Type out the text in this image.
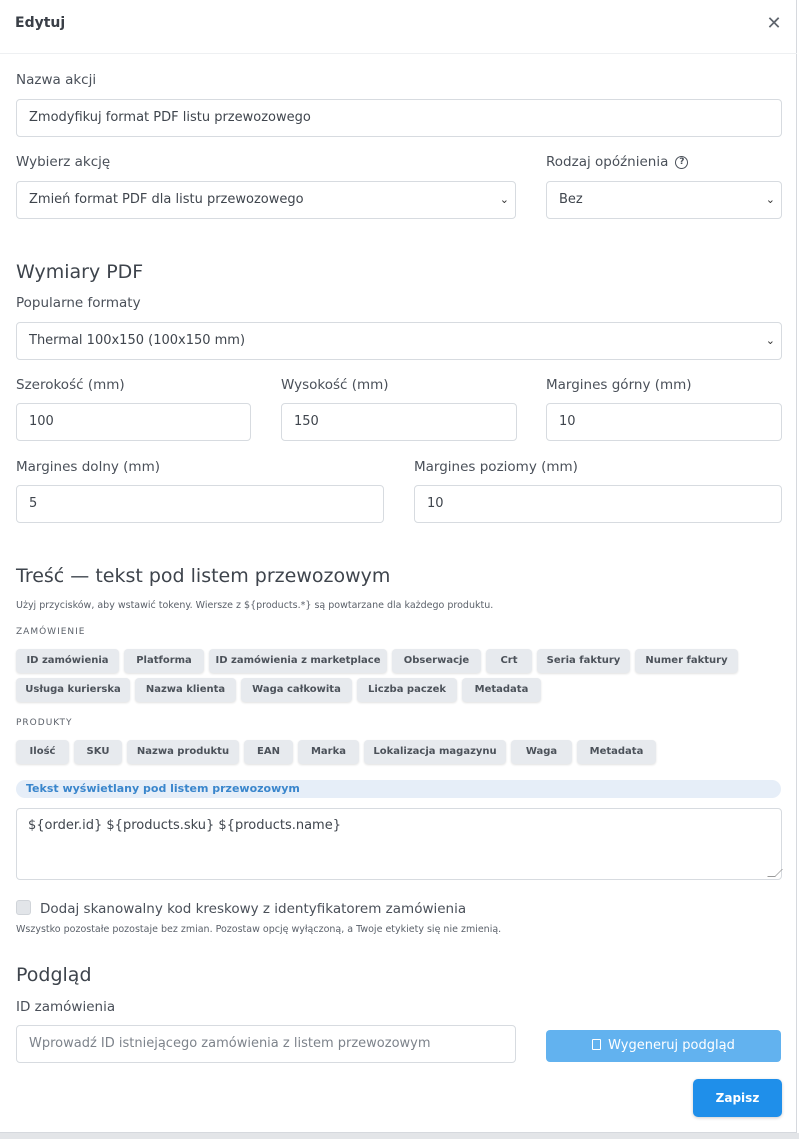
Edytuj	✕
Nazwa akcji
Zmodyfikuj format PDF listu przewozowego
Wybierz akcję
Zmień format PDF dla listu przewozowego	⌄
Rodzaj opóźnienia ?
Bez	⌄
Wymiary PDF
Popularne formaty
Thermal 100x150 (100x150 mm)	⌄
Szerokość (mm)
100
Wysokość (mm)
150
Margines górny (mm)
10
Margines dolny (mm)
5
Margines poziomy (mm)
10
Treść — tekst pod listem przewozowym
Użyj przycisków, aby wstawić tokeny. Wiersze z ${products.*} są powtarzane dla każdego produktu.
ZAMÓWIENIE
ID zamówienia	Platforma	ID zamówienia z marketplace	Obserwacje	Crt	Seria faktury	Numer faktury
Usługa kurierska	Nazwa klienta	Waga całkowita	Liczba paczek	Metadata
PRODUKTY
Ilość	SKU	Nazwa produktu	EAN	Marka	Lokalizacja magazynu	Waga	Metadata
Tekst wyświetlany pod listem przewozowym
${order.id} ${products.sku} ${products.name}
Dodaj skanowalny kod kreskowy z identyfikatorem zamówienia
Wszystko pozostałe pozostaje bez zmian. Pozostaw opcję wyłączoną, a Twoje etykiety się nie zmienią.
Podgląd
ID zamówienia
Wprowadź ID istniejącego zamówienia z listem przewozowym	Wygeneruj podgląd
Zapisz
